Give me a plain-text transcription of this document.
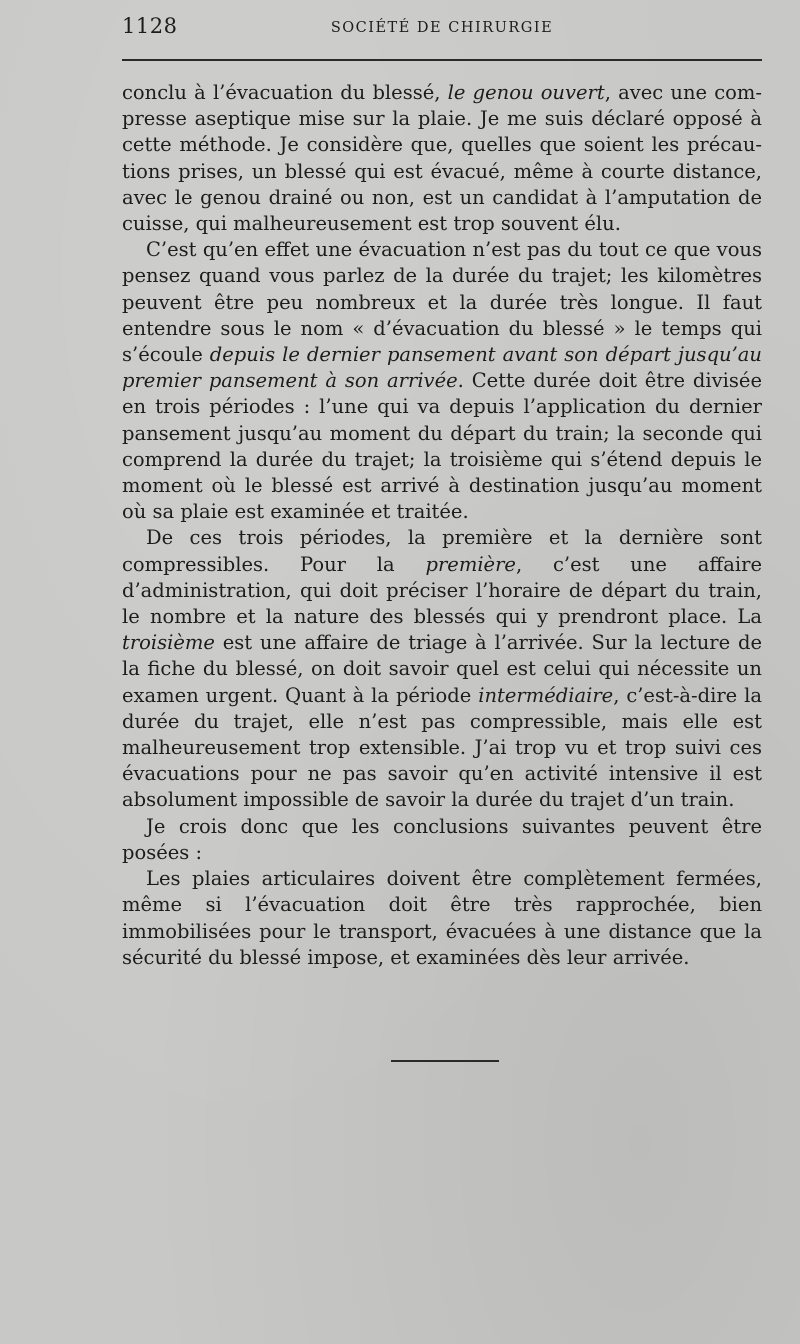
1128	SOCIÉTÉ DE CHIRURGIE

conclu à l’évacuation du blessé, le genou ouvert, avec une compresse aseptique mise sur la plaie. Je me suis déclaré opposé à cette méthode. Je considère que, quelles que soient les précautions prises, un blessé qui est évacué, même à courte distance, avec le genou drainé ou non, est un candidat à l’amputation de cuisse, qui malheureusement est trop souvent élu.

C’est qu’en effet une évacuation n’est pas du tout ce que vous pensez quand vous parlez de la durée du trajet; les kilomètres peuvent être peu nombreux et la durée très longue. Il faut entendre sous le nom « d’évacuation du blessé » le temps qui s’écoule depuis le dernier pansement avant son départ jusqu’au premier pansement à son arrivée. Cette durée doit être divisée en trois périodes : l’une qui va depuis l’application du dernier pansement jusqu’au moment du départ du train; la seconde qui comprend la durée du trajet; la troisième qui s’étend depuis le moment où le blessé est arrivé à destination jusqu’au moment où sa plaie est examinée et traitée.

De ces trois périodes, la première et la dernière sont compressibles. Pour la première, c’est une affaire d’administration, qui doit préciser l’horaire de départ du train, le nombre et la nature des blessés qui y prendront place. La troisième est une affaire de triage à l’arrivée. Sur la lecture de la fiche du blessé, on doit savoir quel est celui qui nécessite un examen urgent. Quant à la période intermédiaire, c’est-à-dire la durée du trajet, elle n’est pas compressible, mais elle est malheureusement trop extensible. J’ai trop vu et trop suivi ces évacuations pour ne pas savoir qu’en activité intensive il est absolument impossible de savoir la durée du trajet d’un train.

Je crois donc que les conclusions suivantes peuvent être posées :

Les plaies articulaires doivent être complètement fermées, même si l’évacuation doit être très rapprochée, bien immobilisées pour le transport, évacuées à une distance que la sécurité du blessé impose, et examinées dès leur arrivée.
